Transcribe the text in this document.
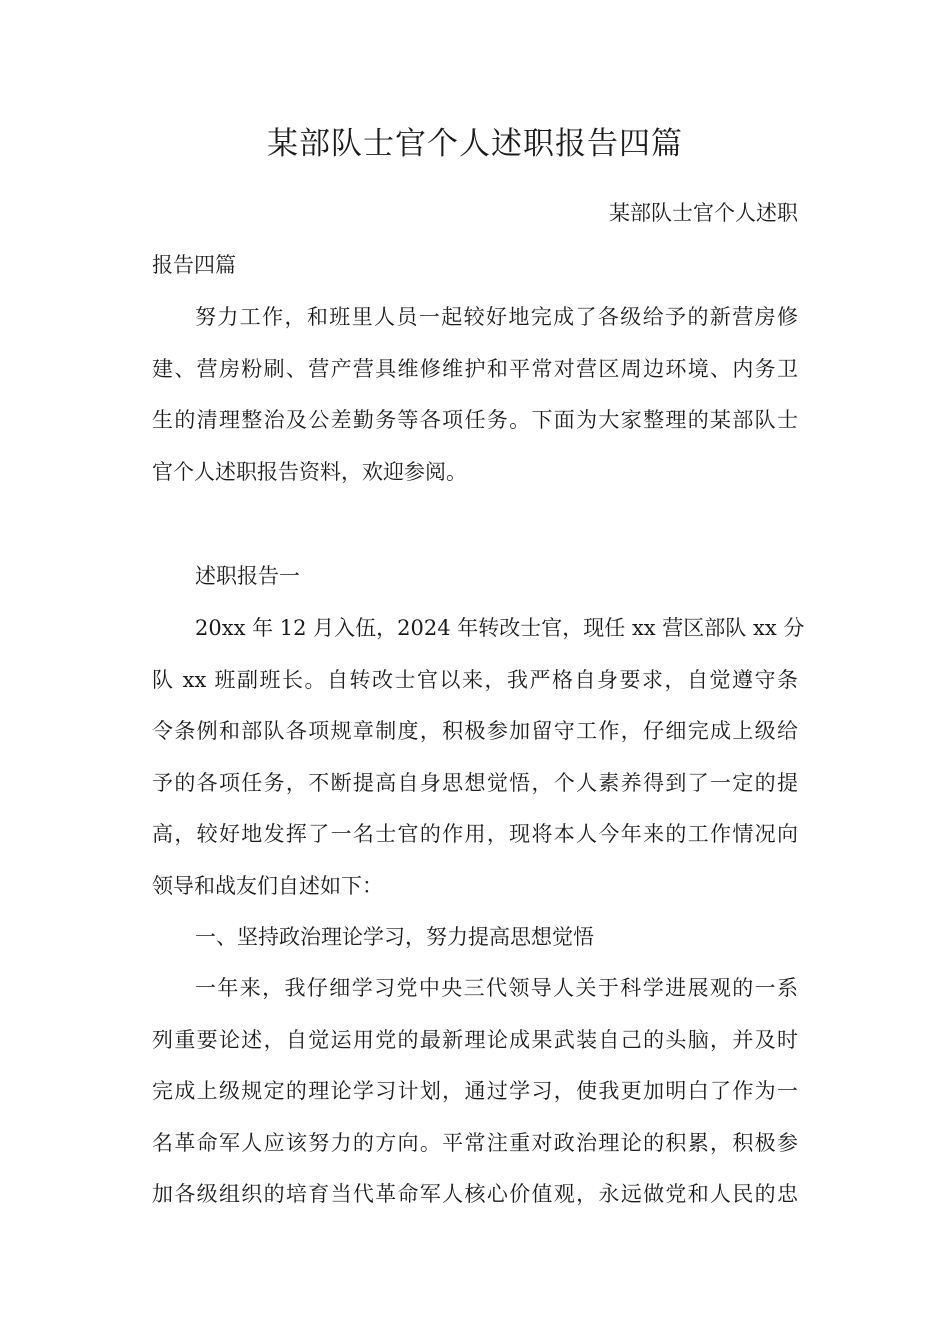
某部队士官个人述职报告四篇
某部队士官个人述职
报告四篇
努力工作，和班里人员一起较好地完成了各级给予的新营房修
建、营房粉刷、营产营具维修维护和平常对营区周边环境、内务卫
生的清理整治及公差勤务等各项任务。下面为大家整理的某部队士
官个人述职报告资料，欢迎参阅。
述职报告一
20xx 年 12 月入伍，2024 年转改士官，现任 xx 营区部队 xx 分
队 xx 班副班长。自转改士官以来，我严格自身要求，自觉遵守条
令条例和部队各项规章制度，积极参加留守工作，仔细完成上级给
予的各项任务，不断提高自身思想觉悟，个人素养得到了一定的提
高，较好地发挥了一名士官的作用，现将本人今年来的工作情况向
领导和战友们自述如下：
一、坚持政治理论学习，努力提高思想觉悟
一年来，我仔细学习党中央三代领导人关于科学进展观的一系
列重要论述，自觉运用党的最新理论成果武装自己的头脑，并及时
完成上级规定的理论学习计划，通过学习，使我更加明白了作为一
名革命军人应该努力的方向。平常注重对政治理论的积累，积极参
加各级组织的培育当代革命军人核心价值观，永远做党和人民的忠
